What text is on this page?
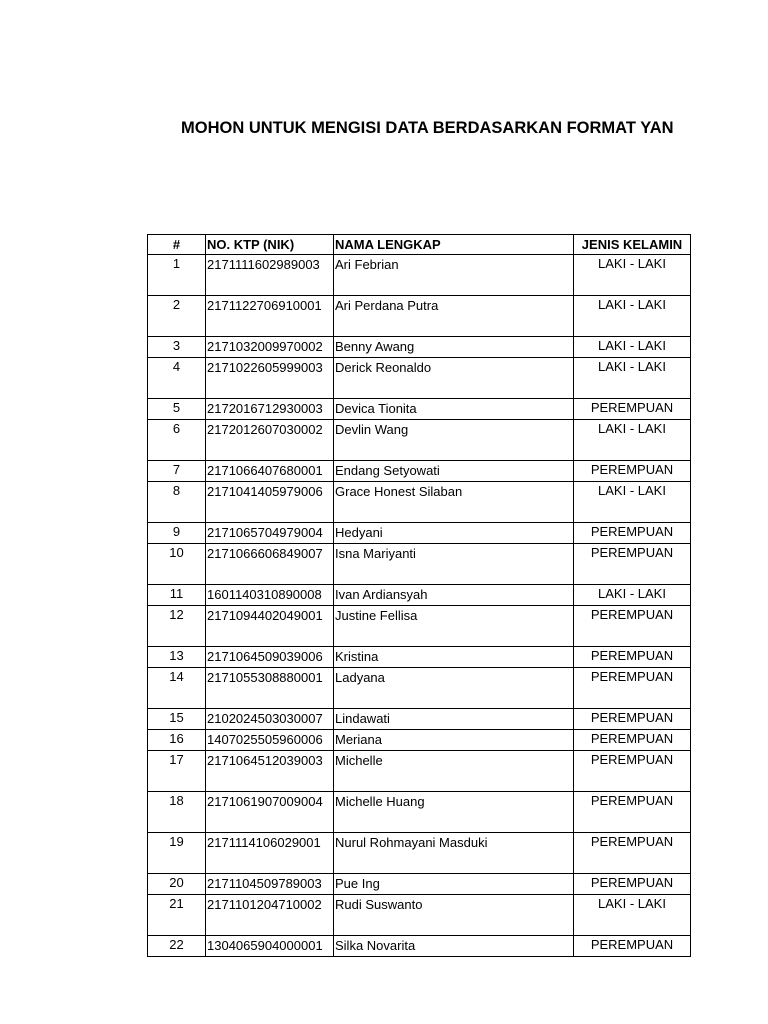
MOHON UNTUK MENGISI DATA BERDASARKAN FORMAT YAN
#	NO. KTP (NIK)	NAMA LENGKAP	JENIS KELAMIN
1	2171111602989003	Ari Febrian	LAKI - LAKI
2	2171122706910001	Ari Perdana Putra	LAKI - LAKI
3	2171032009970002	Benny Awang	LAKI - LAKI
4	2171022605999003	Derick Reonaldo	LAKI - LAKI
5	2172016712930003	Devica Tionita	PEREMPUAN
6	2172012607030002	Devlin Wang	LAKI - LAKI
7	2171066407680001	Endang Setyowati	PEREMPUAN
8	2171041405979006	Grace Honest Silaban	LAKI - LAKI
9	2171065704979004	Hedyani	PEREMPUAN
10	2171066606849007	Isna Mariyanti	PEREMPUAN
11	1601140310890008	Ivan Ardiansyah	LAKI - LAKI
12	2171094402049001	Justine Fellisa	PEREMPUAN
13	2171064509039006	Kristina	PEREMPUAN
14	2171055308880001	Ladyana	PEREMPUAN
15	2102024503030007	Lindawati	PEREMPUAN
16	1407025505960006	Meriana	PEREMPUAN
17	2171064512039003	Michelle	PEREMPUAN
18	2171061907009004	Michelle Huang	PEREMPUAN
19	2171114106029001	Nurul Rohmayani Masduki	PEREMPUAN
20	2171104509789003	Pue Ing	PEREMPUAN
21	2171101204710002	Rudi Suswanto	LAKI - LAKI
22	1304065904000001	Silka Novarita	PEREMPUAN
